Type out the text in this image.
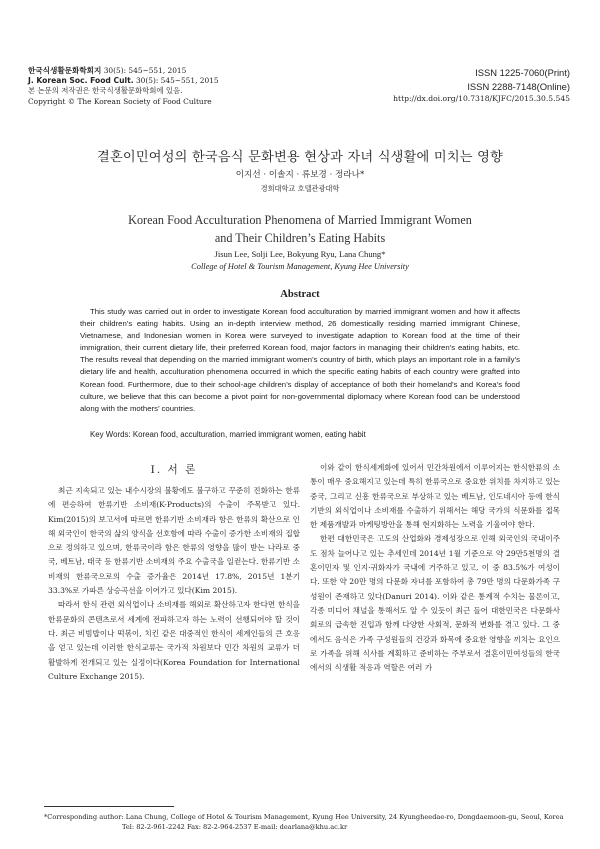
한국식생활문화학회지 30(5): 545~551, 2015
J. Korean Soc. Food Cult. 30(5): 545~551, 2015
본 논문의 저작권은 한국식생활문화학회에 있음.
Copyright © The Korean Society of Food Culture
ISSN 1225-7060(Print)
ISSN 2288-7148(Online)
http://dx.doi.org/10.7318/KJFC/2015.30.5.545
결혼이민여성의 한국음식 문화변용 현상과 자녀 식생활에 미치는 영향
이지선 · 이솔지 · 류보경 · 정라나*
경희대학교 호텔관광대학
Korean Food Acculturation Phenomena of Married Immigrant Women
and Their Children’s Eating Habits
Jisun Lee, Solji Lee, Bokyung Ryu, Lana Chung*
College of Hotel & Tourism Management, Kyung Hee University
Abstract

This study was carried out in order to investigate Korean food acculturation by married immigrant women and how it affects their children’s eating habits. Using an in-depth interview method, 26 domestically residing married immigrant Chinese, Vietnamese, and Indonesian women in Korea were surveyed to investigate adaption to Korean food at the time of their immigration, their current dietary life, their preferred Korean food, major factors in managing their children’s eating habits, etc. The results reveal that depending on the married immigrant women’s country of birth, which plays an important role in a family’s dietary life and health, acculturation phenomena occurred in which the specific eating habits of each country were grafted into Korean food. Furthermore, due to their school-age children’s display of acceptance of both their homeland’s and Korea’s food culture, we believe that this can become a pivot point for non-governmental diplomacy where Korean food can be understood along with the mothers’ countries.

Key Words: Korean food, acculturation, married immigrant women, eating habit
I. 서 론

최근 지속되고 있는 내수시장의 불황에도 불구하고 꾸준히 진화하는 한류에 편승하여 한류기반 소비재(K-Products)의 수출이 주목받고 있다. Kim(2015)의 보고서에 따르면 한류기반 소비재라 함은 한류의 확산으로 인해 외국인이 한국의 삶의 양식을 선호함에 따라 수출이 증가한 소비재의 집합으로 정의하고 있으며, 한류국이라 함은 한류의 영향을 많이 받는 나라로 중국, 베트남, 태국 등 한류기반 소비재의 주요 수출국을 일컫는다. 한류기반 소비재의 한류국으로의 수출 증가율은 2014년 17.8%, 2015년 1분기 33.3%로 가파른 상승곡선을 이어가고 있다(Kim 2015).

따라서 한식 관련 외식업이나 소비재를 해외로 확산하고자 한다면 한식을 한류문화의 콘텐츠로서 세계에 전파하고자 하는 노력이 선행되어야 할 것이다. 최근 비빔밥이나 떡볶이, 치킨 같은 대중적인 한식이 세계인들의 큰 호응을 얻고 있는데 이러한 한식교류는 국가적 차원보다 민간 차원의 교류가 더 활발하게 전개되고 있는 실정이다(Korea Foundation for International Culture Exchange 2015).

이와 같이 한식세계화에 있어서 민간차원에서 이루어지는 한식한류의 소통이 매우 중요해지고 있는데 특히 한류국으로 중요한 위치를 차지하고 있는 중국, 그리고 신흥 한류국으로 부상하고 있는 베트남, 인도네시아 등에 한식 기반의 외식업이나 소비재를 수출하기 위해서는 해당 국가의 식문화를 접목한 제품개발과 마케팅방안을 통해 현지화하는 노력을 기울여야 한다.

한편 대한민국은 고도의 산업화와 경제성장으로 인해 외국인의 국내이주도 점차 늘어나고 있는 추세인데 2014년 1월 기준으로 약 29만5천명의 결혼이민자 및 인지·귀화자가 국내에 거주하고 있고, 이 중 83.5%가 여성이다. 또한 약 20만 명의 다문화 자녀를 포함하여 총 79만 명의 다문화가족 구성원이 존재하고 있다(Danuri 2014). 이와 같은 통계적 수치는 물론이고, 각종 미디어 채널을 통해서도 알 수 있듯이 최근 들어 대한민국은 다문화사회로의 급속한 진입과 함께 다양한 사회적, 문화적 변화를 겪고 있다. 그 중에서도 음식은 가족 구성원들의 건강과 화목에 중요한 영향을 끼치는 요인으로 가족을 위해 식사를 계획하고 준비하는 주부로서 결혼이민여성들의 한국에서의 식생활 적응과 역할은 여러 가

*Corresponding author: Lana Chung, College of Hotel & Tourism Management, Kyung Hee University, 24 Kyungheedae-ro, Dongdaemoon-gu, Seoul, Korea
Tel: 82-2-961-2242 Fax: 82-2-964-2537 E-mail: dearlana@khu.ac.kr
